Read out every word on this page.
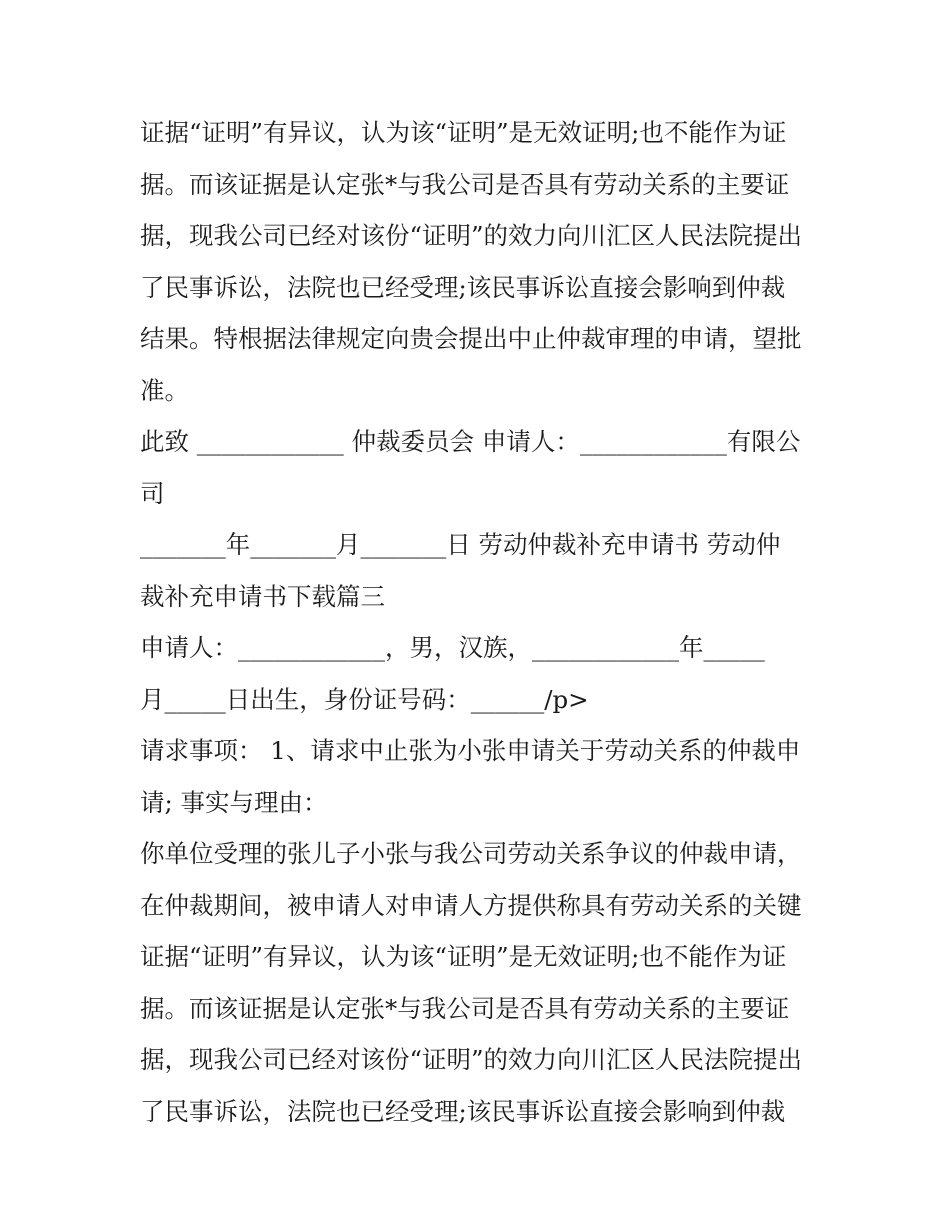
证据“证明”有异议，认为该“证明”是无效证明;也不能作为证
据。而该证据是认定张*与我公司是否具有劳动关系的主要证
据，现我公司已经对该份“证明”的效力向川汇区人民法院提出
了民事诉讼，法院也已经受理;该民事诉讼直接会影响到仲裁
结果。特根据法律规定向贵会提出中止仲裁审理的申请，望批
准。
此致 ____________ 仲裁委员会 申请人：____________有限公
司
_______年_______月_______日 劳动仲裁补充申请书 劳动仲
裁补充申请书下载篇三
申请人：____________，男，汉族，____________年_____
月_____日出生，身份证号码：______/p>
请求事项： 1、请求中止张为小张申请关于劳动关系的仲裁申
请; 事实与理由：
你单位受理的张儿子小张与我公司劳动关系争议的仲裁申请，
在仲裁期间，被申请人对申请人方提供称具有劳动关系的关键
证据“证明”有异议，认为该“证明”是无效证明;也不能作为证
据。而该证据是认定张*与我公司是否具有劳动关系的主要证
据，现我公司已经对该份“证明”的效力向川汇区人民法院提出
了民事诉讼，法院也已经受理;该民事诉讼直接会影响到仲裁
